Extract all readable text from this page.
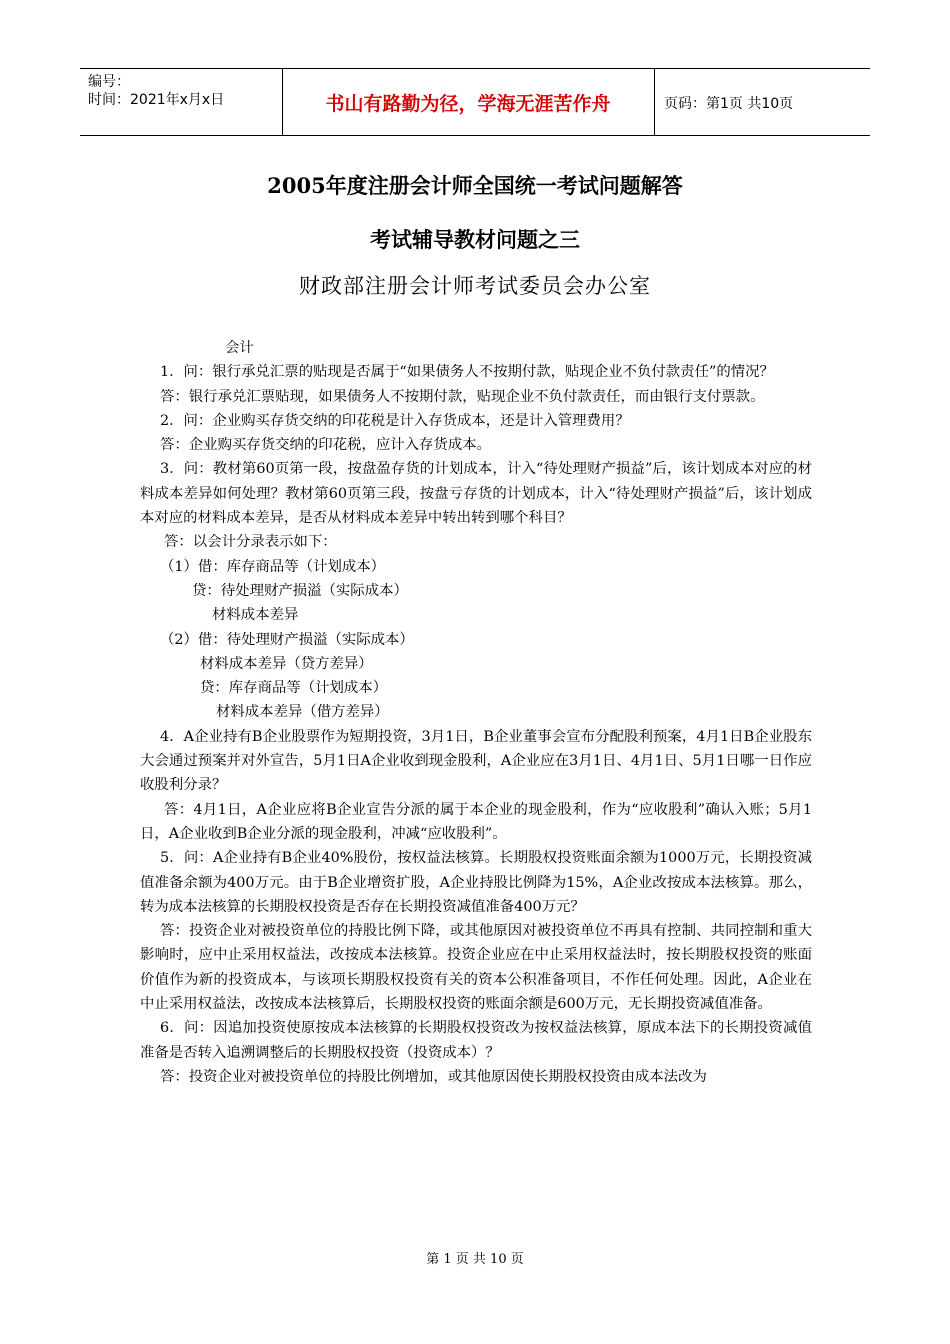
编号：
时间：2021年x月x日	书山有路勤为径，学海无涯苦作舟	页码：第1页 共10页
2005年度注册会计师全国统一考试问题解答
考试辅导教材问题之三
财政部注册会计师考试委员会办公室

会计

1．问：银行承兑汇票的贴现是否属于“如果债务人不按期付款，贴现企业不负付款责任”的情况？

答：银行承兑汇票贴现，如果债务人不按期付款，贴现企业不负付款责任，而由银行支付票款。

2．问：企业购买存货交纳的印花税是计入存货成本，还是计入管理费用？

答：企业购买存货交纳的印花税，应计入存货成本。

3．问：教材第60页第一段，按盘盈存货的计划成本，计入“待处理财产损益”后，该计划成本对应的材料成本差异如何处理？教材第60页第三段，按盘亏存货的计划成本，计入“待处理财产损益”后，该计划成本对应的材料成本差异，是否从材料成本差异中转出转到哪个科目？

答：以会计分录表示如下：

（1）借：库存商品等（计划成本）

贷：待处理财产损溢（实际成本）

材料成本差异

（2）借：待处理财产损溢（实际成本）

材料成本差异（贷方差异）

贷：库存商品等（计划成本）

材料成本差异（借方差异）

4．A企业持有B企业股票作为短期投资，3月1日，B企业董事会宣布分配股利预案，4月1日B企业股东大会通过预案并对外宣告，5月1日A企业收到现金股利，A企业应在3月1日、4月1日、5月1日哪一日作应收股利分录？

答：4月1日，A企业应将B企业宣告分派的属于本企业的现金股利，作为“应收股利”确认入账；5月1日，A企业收到B企业分派的现金股利，冲减“应收股利”。

5．问：A企业持有B企业40%股份，按权益法核算。长期股权投资账面余额为1000万元，长期投资减值准备余额为400万元。由于B企业增资扩股，A企业持股比例降为15%，A企业改按成本法核算。那么，转为成本法核算的长期股权投资是否存在长期投资减值准备400万元？

答：投资企业对被投资单位的持股比例下降，或其他原因对被投资单位不再具有控制、共同控制和重大影响时，应中止采用权益法，改按成本法核算。投资企业应在中止采用权益法时，按长期股权投资的账面价值作为新的投资成本，与该项长期股权投资有关的资本公积准备项目，不作任何处理。因此，A企业在中止采用权益法，改按成本法核算后，长期股权投资的账面余额是600万元，无长期投资减值准备。

6．问：因追加投资使原按成本法核算的长期股权投资改为按权益法核算，原成本法下的长期投资减值准备是否转入追溯调整后的长期股权投资（投资成本）？

答：投资企业对被投资单位的持股比例增加，或其他原因使长期股权投资由成本法改为

第 1 页 共 10 页
